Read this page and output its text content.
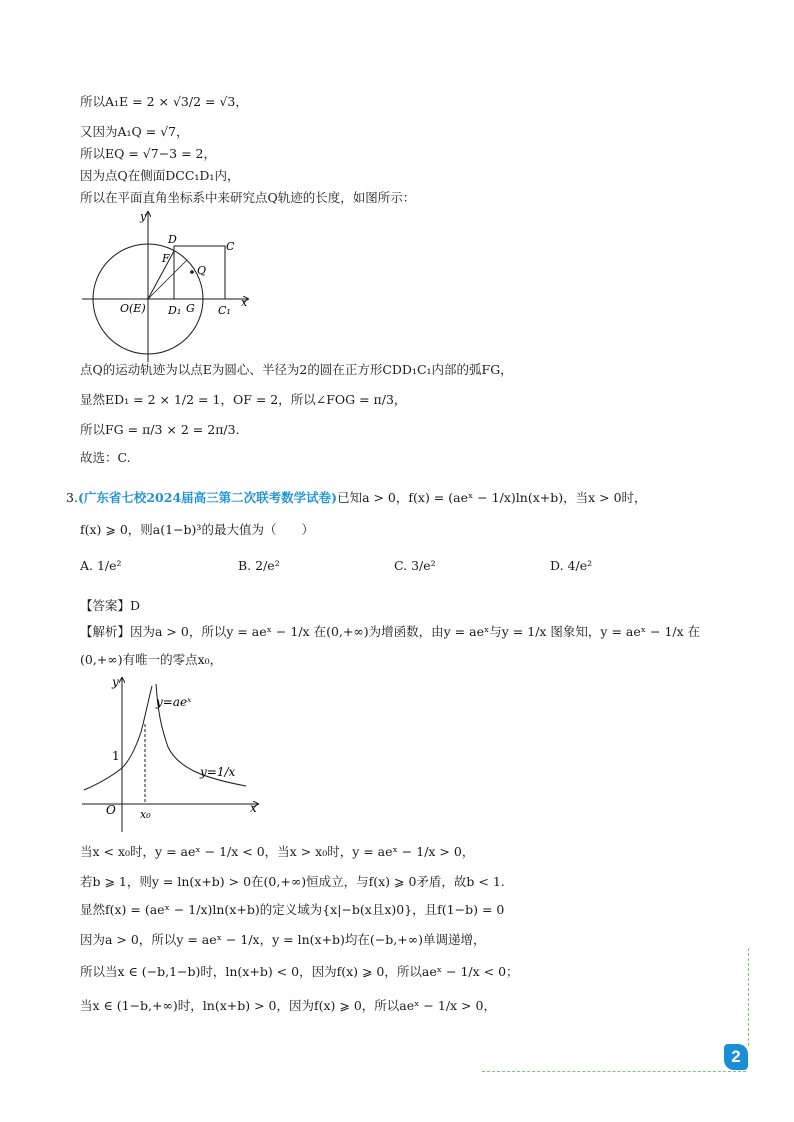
所以A₁E = 2 × √3/2 = √3，
又因为A₁Q = √7，
所以EQ = √7−3 = 2，
因为点Q在侧面DCC₁D₁内，
所以在平面直角坐标系中来研究点Q轨迹的长度，如图所示：
y
x
D
C
F
Q
O(E) D₁ G C₁
点Q的运动轨迹为以点E为圆心、半径为2的圆在正方形CDD₁C₁内部的弧FG，
显然ED₁ = 2 × 1/2 = 1，OF = 2，所以∠FOG = π/3，
所以FG = π/3 × 2 = 2π/3.
故选：C.
3.(广东省七校2024届高三第二次联考数学试卷)已知a > 0，f(x) = (aeˣ − 1/x)ln(x+b)，当x > 0时，
f(x) ⩾ 0，则a(1−b)³的最大值为（　　）
A. 1/e²	B. 2/e²	C. 3/e²	D. 4/e²
【答案】D
【解析】因为a > 0，所以y = aeˣ − 1/x 在(0,+∞)为增函数，由y = aeˣ与y = 1/x 图象知，y = aeˣ − 1/x 在
(0,+∞)有唯一的零点x₀，
y
x
1
O x₀
y=aeˣ
y=1/x
当x < x₀时，y = aeˣ − 1/x < 0，当x > x₀时，y = aeˣ − 1/x > 0，
若b ⩾ 1，则y = ln(x+b) > 0在(0,+∞)恒成立，与f(x) ⩾ 0矛盾，故b < 1.
显然f(x) = (aeˣ − 1/x)ln(x+b)的定义域为{x|−b(x且x)0}，且f(1−b) = 0
因为a > 0，所以y = aeˣ − 1/x，y = ln(x+b)均在(−b,+∞)单调递增，
所以当x ∈ (−b,1−b)时，ln(x+b) < 0，因为f(x) ⩾ 0，所以aeˣ − 1/x < 0；
当x ∈ (1−b,+∞)时，ln(x+b) > 0，因为f(x) ⩾ 0，所以aeˣ − 1/x > 0，
2
